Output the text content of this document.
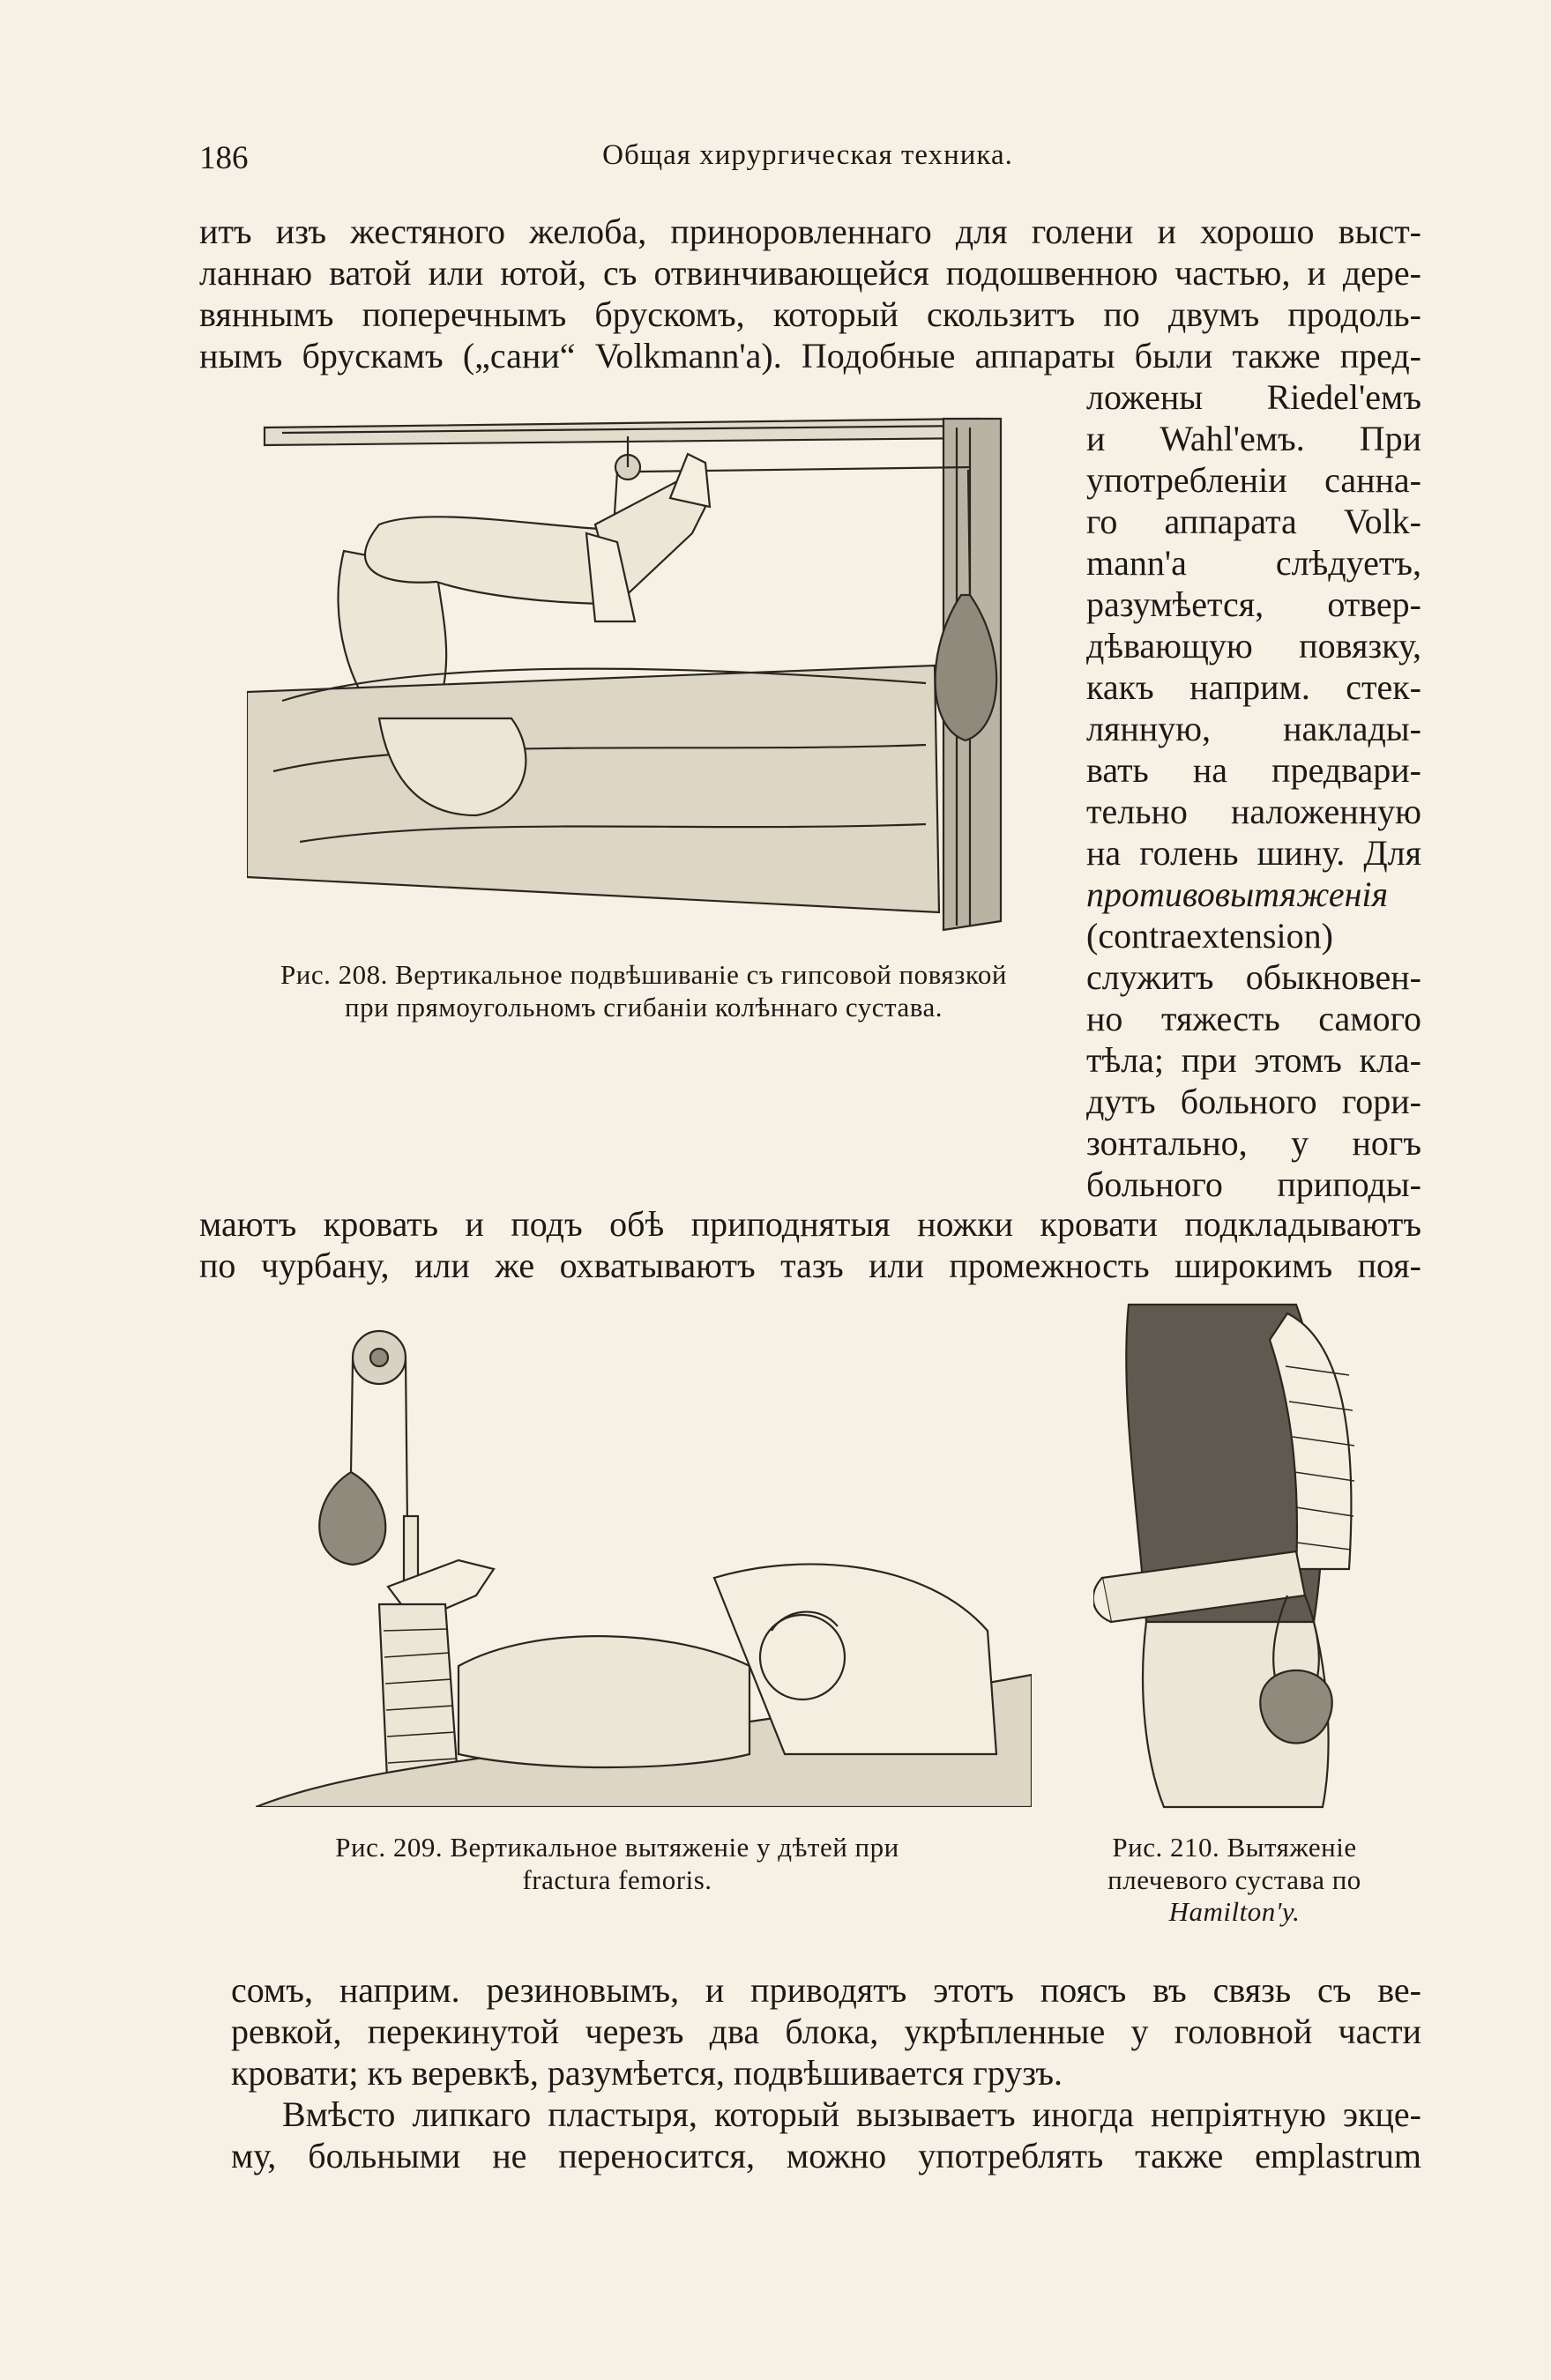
186	Общая хирургическая техника.
итъ изъ жестяного желоба, приноровленнаго для голени и хорошо выст-
ланнаю ватой или ютой, съ отвинчивающейся подошвенною частью, и дере-
вяннымъ поперечнымъ брускомъ, который скользитъ по двумъ продоль-
нымъ брускамъ („сани“ Volkmann'а). Подобные аппараты были также пред-
ложены Riedel'емъ
и Wahl'емъ. При
употребленіи санна-
го аппарата Volk-
mann'а слѣдуетъ,
разумѣется, отвер-
дѣвающую повязку,
какъ наприм. стек-
лянную, наклады-
вать на предвари-
тельно наложенную
на голень шину. Для
противовытяженія
(contraextension)
служитъ обыкновен-
но тяжесть самого
тѣла; при этомъ кла-
дутъ больного гори-
зонтально, у ногъ
больного приподы-
Рис. 208. Вертикальное подвѣшиваніе съ гипсовой повязкой
при прямоугольномъ сгибаніи колѣннаго сустава.
маютъ кровать и подъ обѣ приподнятыя ножки кровати подкладываютъ
по чурбану, или же охватываютъ тазъ или промежность широкимъ поя-
Рис. 209. Вертикальное вытяженіе у дѣтей при
fractura femoris.
Рис. 210. Вытяженіе
плечевого сустава по
Hamilton'у.
сомъ, наприм. резиновымъ, и приводятъ этотъ поясъ въ связь съ ве-
ревкой, перекинутой черезъ два блока, укрѣпленные у головной части
кровати; къ веревкѣ, разумѣется, подвѣшивается грузъ.
Вмѣсто липкаго пластыря, который вызываетъ иногда непріятную экце-
му, больными не переносится, можно употреблять также emplastrum
